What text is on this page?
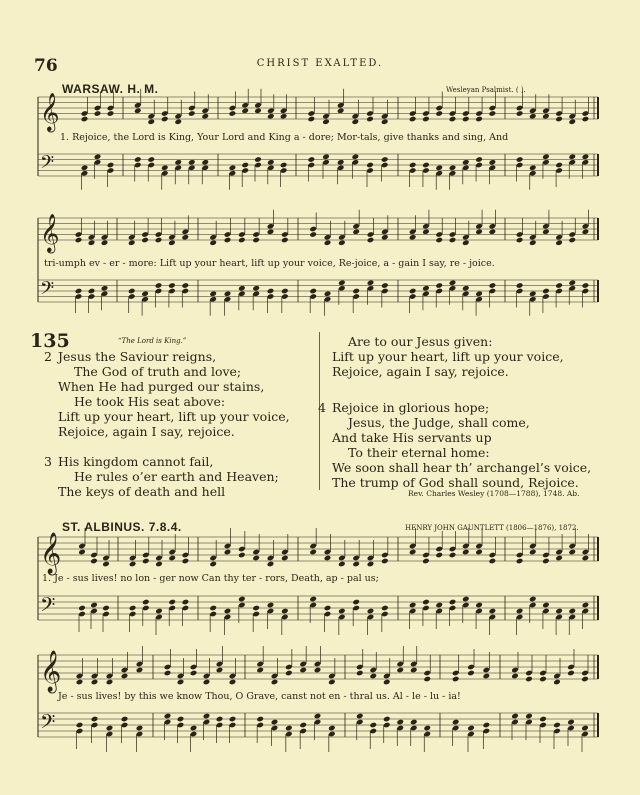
76	CHRIST EXALTED.
WARSAW. H. M.	Wesleyan Psalmist. ( ).
1. Rejoice, the Lord is King, Your Lord and King a - dore; Mor-tals, give thanks and sing, And
tri-umph ev - er - more: Lift up your heart, lift up your voice, Re-joice, a - gain I say, re - joice.
135	“The Lord is King.”
2 Jesus the Saviour reigns,
The God of truth and love;
When He had purged our stains,
He took His seat above:
Lift up your heart, lift up your voice,
Rejoice, again I say, rejoice.
3 His kingdom cannot fail,
He rules o’er earth and Heaven;
The keys of death and hell
Are to our Jesus given:
Lift up your heart, lift up your voice,
Rejoice, again I say, rejoice.
4 Rejoice in glorious hope;
Jesus, the Judge, shall come,
And take His servants up
To their eternal home:
We soon shall hear th’ archangel’s voice,
The trump of God shall sound, Rejoice.
Rev. Charles Wesley (1708—1788), 1748. Ab.
ST. ALBINUS. 7.8.4.	HENRY JOHN GAUNTLETT (1806—1876), 1872.
1. Je - sus lives! no lon - ger now Can thy ter - rors, Death, ap - pal us;
Je - sus lives! by this we know Thou, O Grave, canst not en - thral us. Al - le - lu - ia!
𝄞
𝄢
𝄞
𝄢
𝄞
𝄢
𝄞
𝄢
